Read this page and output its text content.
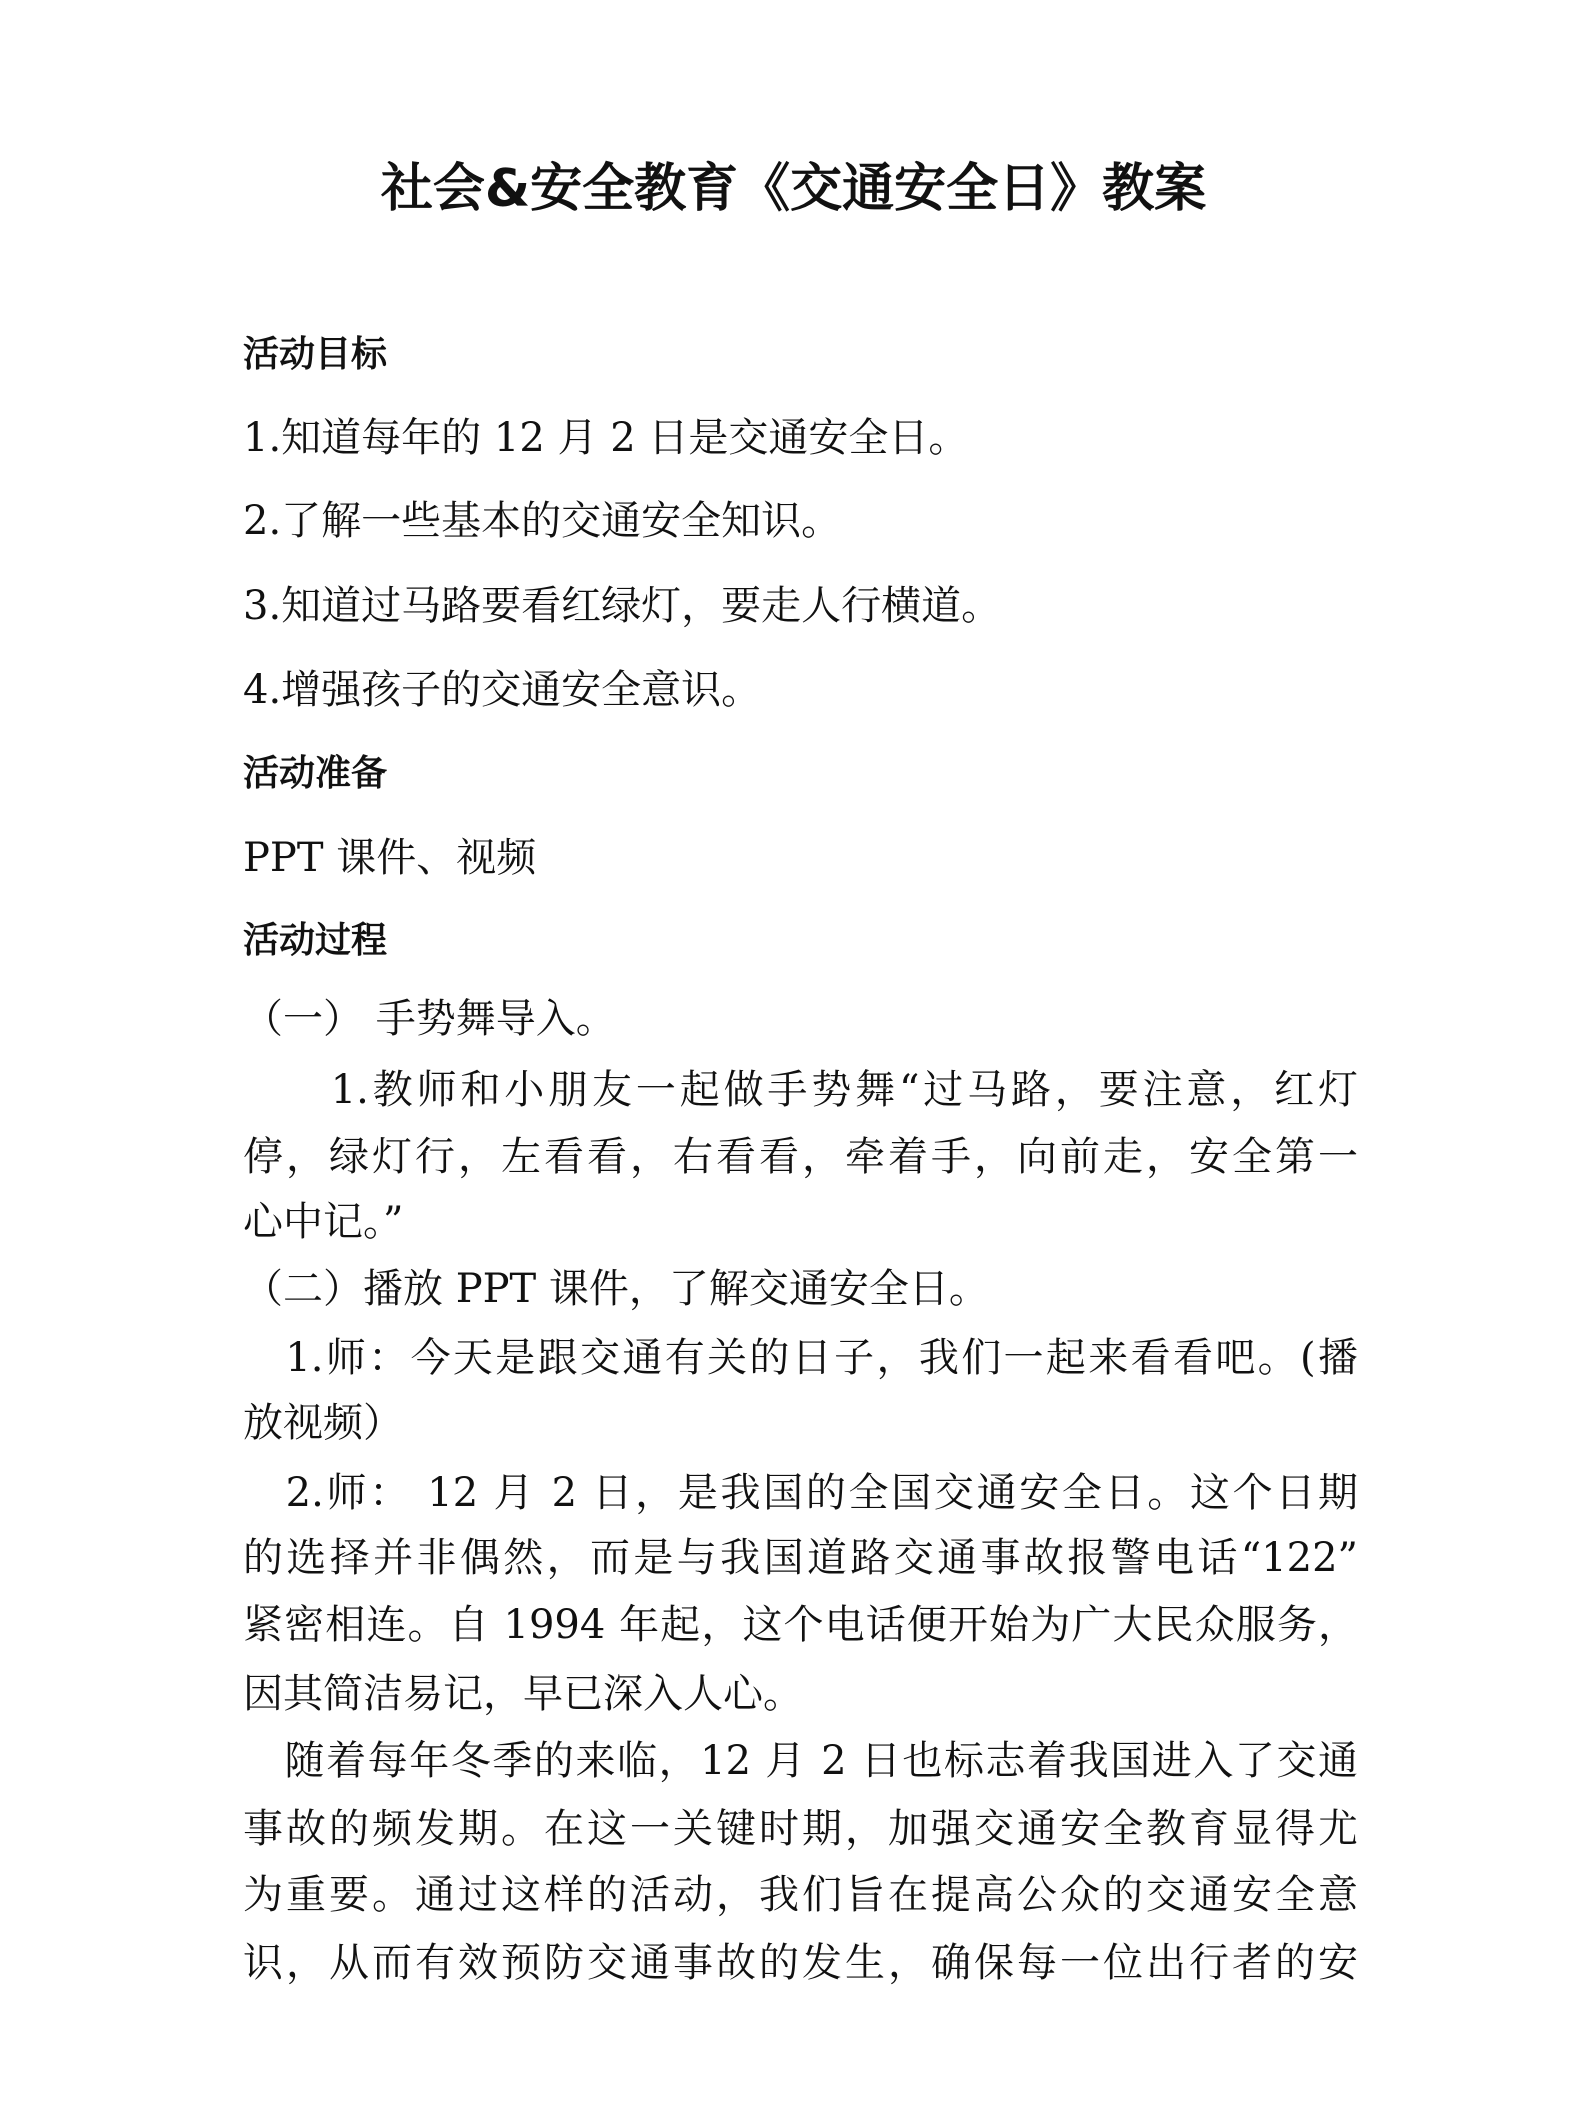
社会&安全教育《交通安全日》教案
活动目标
1.知道每年的 12 月 2 日是交通安全日。
2.了解一些基本的交通安全知识。
3.知道过马路要看红绿灯，要走人行横道。
4.增强孩子的交通安全意识。
活动准备
PPT 课件、视频
活动过程
（一） 手势舞导入。
　　1.教师和小朋友一起做手势舞“过马路，要注意，红灯
停，绿灯行，左看看，右看看，牵着手，向前走，安全第一
心中记。”
（二）播放 PPT 课件，了解交通安全日。
　1.师：今天是跟交通有关的日子，我们一起来看看吧。(播
放视频）
　2.师： 12 月 2 日，是我国的全国交通安全日。这个日期
的选择并非偶然，而是与我国道路交通事故报警电话“122”
紧密相连。自 1994 年起，这个电话便开始为广大民众服务，
因其简洁易记，早已深入人心。
　随着每年冬季的来临，12 月 2 日也标志着我国进入了交通
事故的频发期。在这一关键时期，加强交通安全教育显得尤
为重要。通过这样的活动，我们旨在提高公众的交通安全意
识，从而有效预防交通事故的发生，确保每一位出行者的安
